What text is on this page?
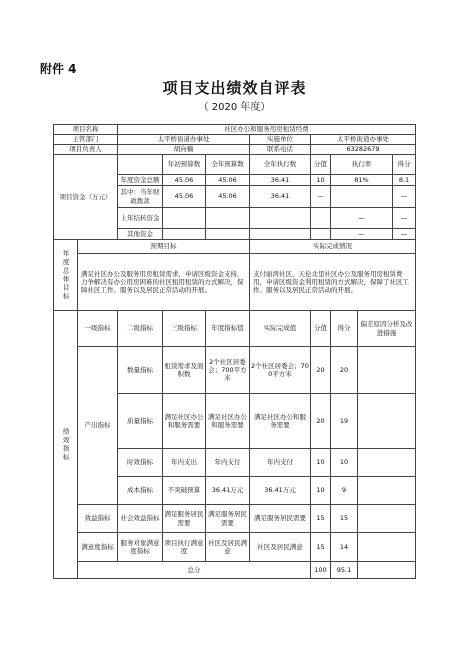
附件 4
项目支出绩效自评表
（ 2020 年度）
项目名称		社区办公和服务用房租赁经费							
主管部门		太平桥街道办事处			实施单位	太平桥街道办事处			
项目负责人		胡向楠			联系电话	63282679			
项目资金（万元）			年初预算数	全年预算数	全年执行数	分值	执行率		得分
		年度资金总额	45.06	45.06	36.41	10	81%		8.1
		其中：当年财政拨款	45.06	45.06	36.41	—			—
		上年结转资金					—		—
		其他资金					—		—

年度总体目标	预期目标				实际完成情况				
	满足社区办公及服务用房租赁需求，申请区级资金支持，力争解决有办公用房困难的社区租用租赁的方式解决，保障社区工作、服务以及居民正常活动的开展。				支付丽湾社区、天伦北里社区办公及服务用房租赁费用，申请区级资金利用租赁的方式解决，保障了社区工作、服务以及居民正常活动的开展。				

绩效指标	一级指标	二级指标	三级指标	年度指标值	实际完成值	分值	得分	偏差原因分析及改进措施	
	产出指标	数量指标	租赁需求及面积数	2个社区居委会；700平方米	2个社区居委会；700平方米	20	20		
		质量指标	满足社区办公和服务需要	满足社区办公和服务需要	满足社区办公和服务需要	20	19		
		时效指标	年内支出	年内支付	年内支付	10	10		
		成本指标	不突破预算	36.41万元	36.41万元	10	9		
	效益指标	社会效益指标	满足服务居民需要	满足服务居民需要	满足服务居民需要	15	15		
	满意度指标	服务对象满意度指标	项目执行满意度	社区及居民满意	社区及居民满意	15	14		
	总分					100	95.1		
